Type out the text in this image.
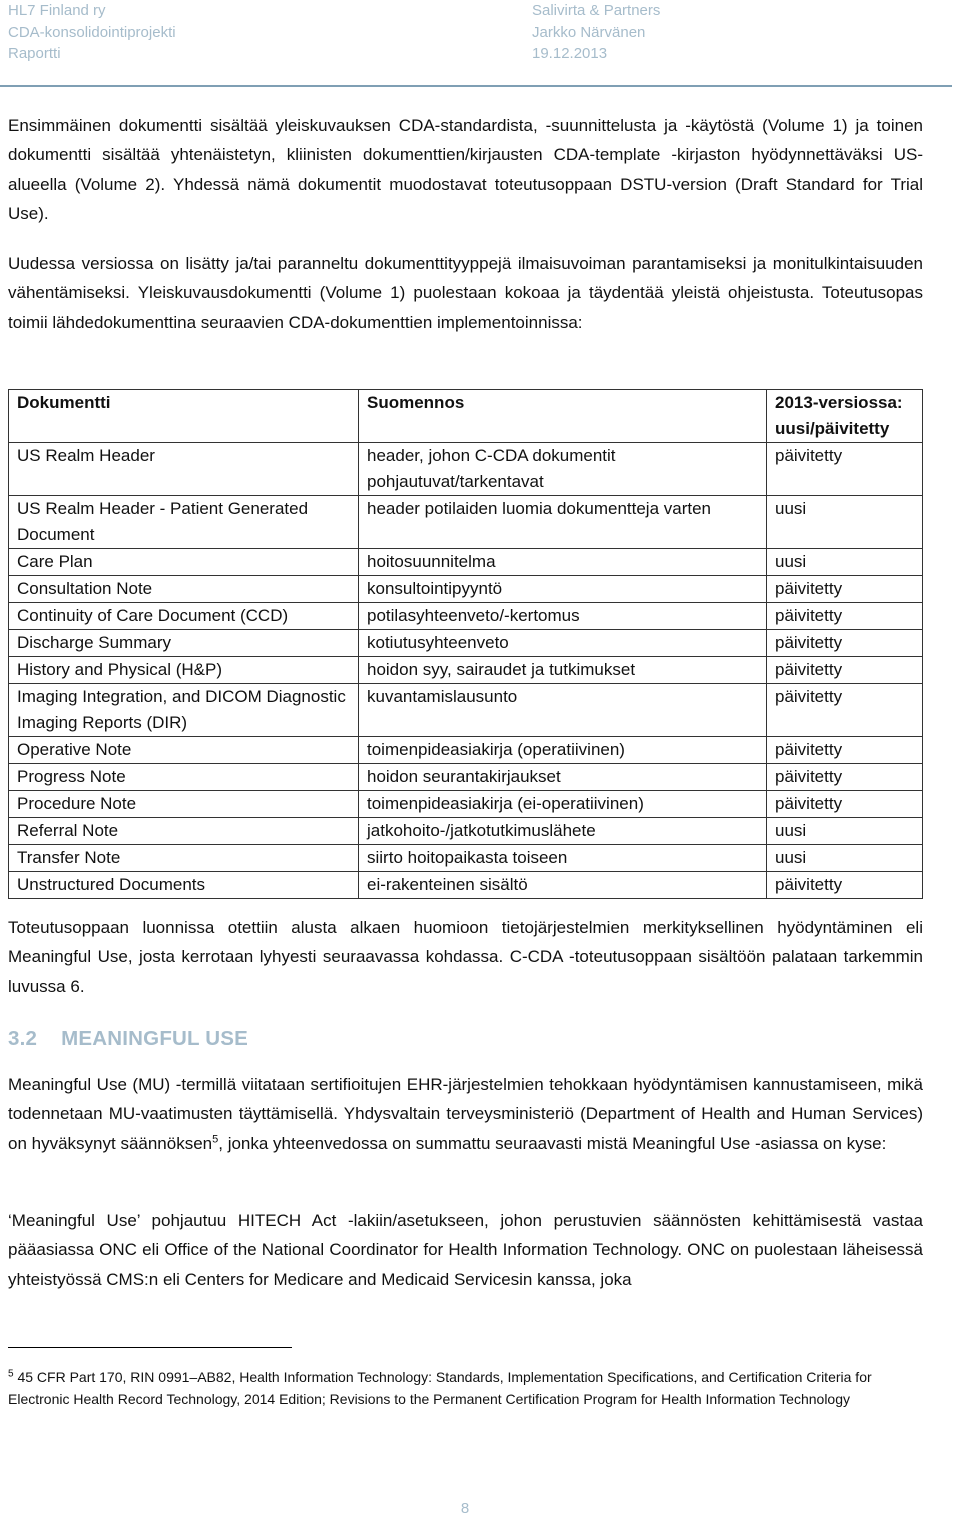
HL7 Finland ry
CDA-konsolidointiprojekti
Raportti
Salivirta & Partners
Jarkko Närvänen
19.12.2013

Ensimmäinen dokumentti sisältää yleiskuvauksen CDA-standardista, -suunnittelusta ja -käytöstä (Volume 1) ja toinen dokumentti sisältää yhtenäistetyn, kliinisten dokumenttien/kirjausten CDA-template -kirjaston hyödynnettäväksi US-alueella (Volume 2). Yhdessä nämä dokumentit muodostavat toteutusoppaan DSTU-version (Draft Standard for Trial Use).

Uudessa versiossa on lisätty ja/tai paranneltu dokumenttityyppejä ilmaisuvoiman parantamiseksi ja monitulkintaisuuden vähentämiseksi. Yleiskuvausdokumentti (Volume 1) puolestaan kokoaa ja täydentää yleistä ohjeistusta. Toteutusopas toimii lähdedokumenttina seuraavien CDA-dokumenttien implementoinnissa:

Dokumentti	Suomennos	2013-versiossa: uusi/päivitetty
US Realm Header	header, johon C-CDA dokumentit pohjautuvat/tarkentavat	päivitetty
US Realm Header - Patient Generated Document	header potilaiden luomia dokumentteja varten	uusi
Care Plan	hoitosuunnitelma	uusi
Consultation Note	konsultointipyyntö	päivitetty
Continuity of Care Document (CCD)	potilasyhteenveto/-kertomus	päivitetty
Discharge Summary	kotiutusyhteenveto	päivitetty
History and Physical (H&P)	hoidon syy, sairaudet ja tutkimukset	päivitetty
Imaging Integration, and DICOM Diagnostic Imaging Reports (DIR)	kuvantamislausunto	päivitetty
Operative Note	toimenpideasiakirja (operatiivinen)	päivitetty
Progress Note	hoidon seurantakirjaukset	päivitetty
Procedure Note	toimenpideasiakirja (ei-operatiivinen)	päivitetty
Referral Note	jatkohoito-/jatkotutkimuslähete	uusi
Transfer Note	siirto hoitopaikasta toiseen	uusi
Unstructured Documents	ei-rakenteinen sisältö	päivitetty

Toteutusoppaan luonnissa otettiin alusta alkaen huomioon tietojärjestelmien merkityksellinen hyödyntäminen eli Meaningful Use, josta kerrotaan lyhyesti seuraavassa kohdassa. C-CDA -toteutusoppaan sisältöön palataan tarkemmin luvussa 6.

3.2 MEANINGFUL USE

Meaningful Use (MU) -termillä viitataan sertifioitujen EHR-järjestelmien tehokkaan hyödyntämisen kannustamiseen, mikä todennetaan MU-vaatimusten täyttämisellä. Yhdysvaltain terveysministeriö (Department of Health and Human Services) on hyväksynyt säännöksen$^5$, jonka yhteenvedossa on summattu seuraavasti mistä Meaningful Use -asiassa on kyse:

‘Meaningful Use’ pohjautuu HITECH Act -lakiin/asetukseen, johon perustuvien säännösten kehittämisestä vastaa pääasiassa ONC eli Office of the National Coordinator for Health Information Technology. ONC on puolestaan läheisessä yhteistyössä CMS:n eli Centers for Medicare and Medicaid Servicesin kanssa, joka

$^5$ 45 CFR Part 170, RIN 0991–AB82, Health Information Technology: Standards, Implementation Specifications, and Certification Criteria for Electronic Health Record Technology, 2014 Edition; Revisions to the Permanent Certification Program for Health Information Technology
8
